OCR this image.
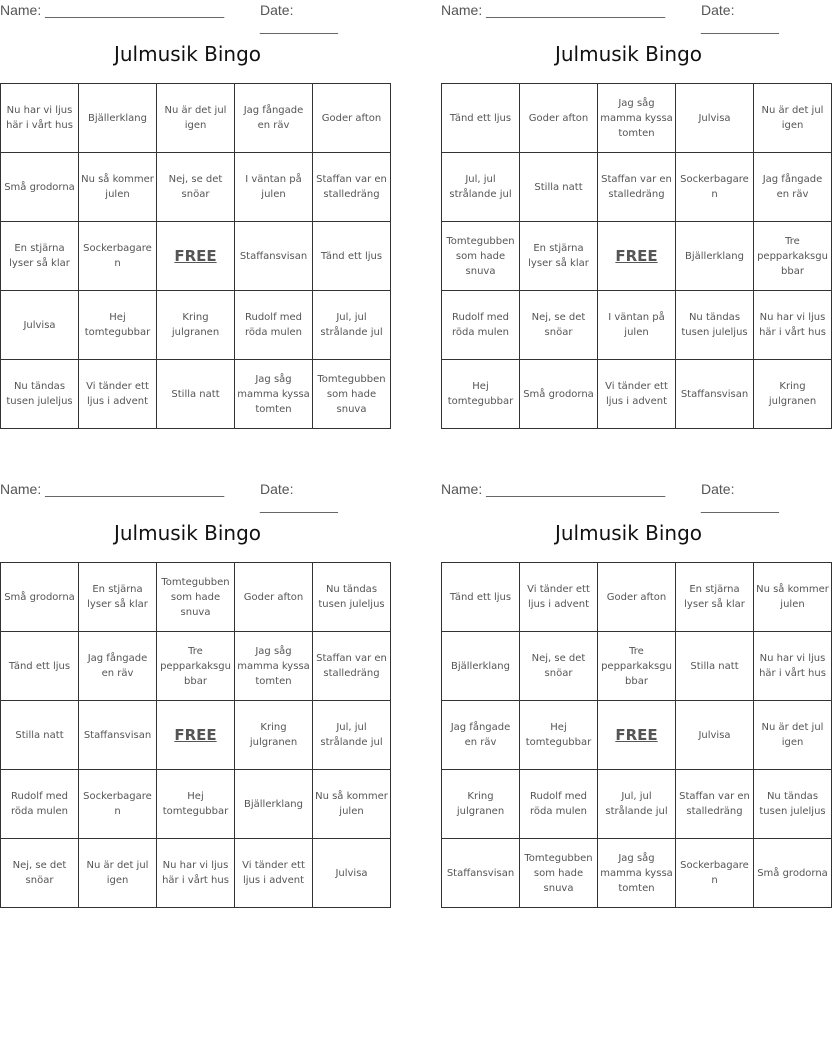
Name: _______________________	Date: __________
Julmusik Bingo
Nu har vi ljus här i vårt hus	Bjällerklang	Nu är det jul igen	Jag fångade en räv	Goder afton
Små grodorna	Nu så kommer julen	Nej, se det snöar	I väntan på julen	Staffan var en stalledräng
En stjärna lyser så klar	Sockerbagaren	FREE	Staffansvisan	Tänd ett ljus
Julvisa	Hej tomtegubbar	Kring julgranen	Rudolf med röda mulen	Jul, jul strålande jul
Nu tändas tusen juleljus	Vi tänder ett ljus i advent	Stilla natt	Jag såg mamma kyssa tomten	Tomtegubben som hade snuva
Name: _______________________	Date: __________
Julmusik Bingo
Tänd ett ljus	Goder afton	Jag såg mamma kyssa tomten	Julvisa	Nu är det jul igen
Jul, jul strålande jul	Stilla natt	Staffan var en stalledräng	Sockerbagaren	Jag fångade en räv
Tomtegubben som hade snuva	En stjärna lyser så klar	FREE	Bjällerklang	Tre pepparkaksgubbar
Rudolf med röda mulen	Nej, se det snöar	I väntan på julen	Nu tändas tusen juleljus	Nu har vi ljus här i vårt hus
Hej tomtegubbar	Små grodorna	Vi tänder ett ljus i advent	Staffansvisan	Kring julgranen
Name: _______________________	Date: __________
Julmusik Bingo
Små grodorna	En stjärna lyser så klar	Tomtegubben som hade snuva	Goder afton	Nu tändas tusen juleljus
Tänd ett ljus	Jag fångade en räv	Tre pepparkaksgubbar	Jag såg mamma kyssa tomten	Staffan var en stalledräng
Stilla natt	Staffansvisan	FREE	Kring julgranen	Jul, jul strålande jul
Rudolf med röda mulen	Sockerbagaren	Hej tomtegubbar	Bjällerklang	Nu så kommer julen
Nej, se det snöar	Nu är det jul igen	Nu har vi ljus här i vårt hus	Vi tänder ett ljus i advent	Julvisa
Name: _______________________	Date: __________
Julmusik Bingo
Tänd ett ljus	Vi tänder ett ljus i advent	Goder afton	En stjärna lyser så klar	Nu så kommer julen
Bjällerklang	Nej, se det snöar	Tre pepparkaksgubbar	Stilla natt	Nu har vi ljus här i vårt hus
Jag fångade en räv	Hej tomtegubbar	FREE	Julvisa	Nu är det jul igen
Kring julgranen	Rudolf med röda mulen	Jul, jul strålande jul	Staffan var en stalledräng	Nu tändas tusen juleljus
Staffansvisan	Tomtegubben som hade snuva	Jag såg mamma kyssa tomten	Sockerbagaren	Små grodorna
